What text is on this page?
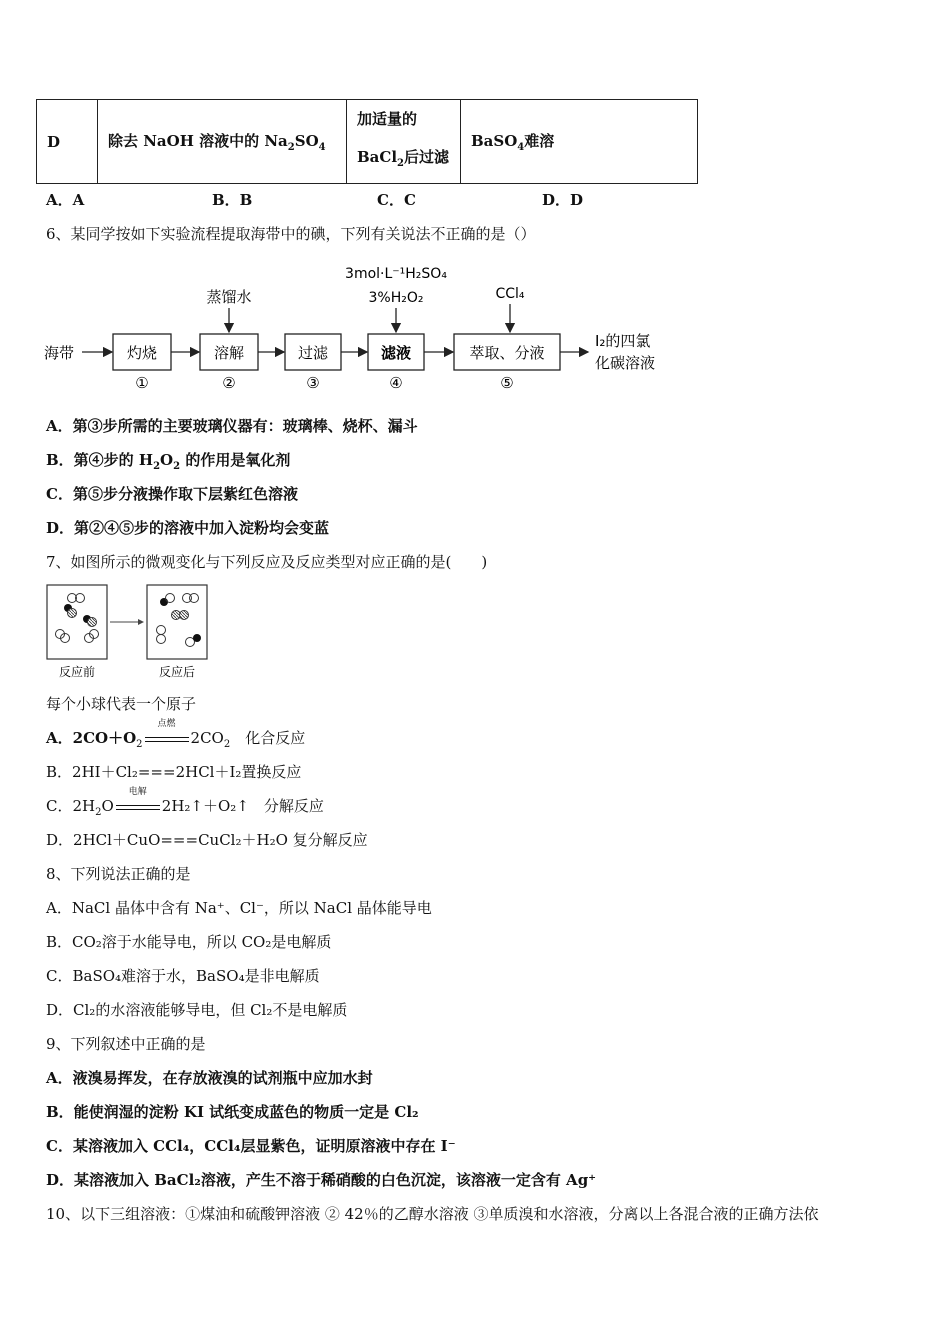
D	除去 NaOH 溶液中的 $Na_2SO_4$	
加适量的
BaCl$_2$后过滤
	BaSO$_4$难溶
A．A	B．B	C．C	D．D
6、某同学按如下实验流程提取海带中的碘，下列有关说法不正确的是（）
海带	灼烧	溶解	过滤	滤液	萃取、分液
I₂的四氯
化碳溶液
①	②	③	④	⑤
蒸馏水
3mol·L⁻¹H₂SO₄
3%H₂O₂	CCl₄
A．第③步所需的主要玻璃仪器有：玻璃棒、烧杯、漏斗
B．第④步的 $H_2O_2$ 的作用是氧化剂
C．第⑤步分液操作取下层紫红色溶液
D．第②④⑤步的溶液中加入淀粉均会变蓝
7、如图所示的微观变化与下列反应及反应类型对应正确的是(　　)
反应前	反应后
每个小球代表一个原子
A．$2CO+O_2$
点燃
$2CO_2$　化合反应
B．2HI＋Cl₂===2HCl＋I₂置换反应
C．$2H_2O$
电解
2H₂↑＋O₂↑　分解反应
D．2HCl＋CuO===CuCl₂＋H₂O 复分解反应
8、下列说法正确的是
A．NaCl 晶体中含有 Na⁺、Cl⁻，所以 NaCl 晶体能导电
B．CO₂溶于水能导电，所以 CO₂是电解质
C．BaSO₄难溶于水，BaSO₄是非电解质
D．Cl₂的水溶液能够导电，但 Cl₂不是电解质
9、下列叙述中正确的是
A．液溴易挥发，在存放液溴的试剂瓶中应加水封
B．能使润湿的淀粉 KI 试纸变成蓝色的物质一定是 Cl₂
C．某溶液加入 CCl₄，CCl₄层显紫色，证明原溶液中存在 I⁻
D．某溶液加入 BaCl₂溶液，产生不溶于稀硝酸的白色沉淀，该溶液一定含有 Ag⁺
10、以下三组溶液：①煤油和硫酸钾溶液 ② 42％的乙醇水溶液 ③单质溴和水溶液，分离以上各混合液的正确方法依
